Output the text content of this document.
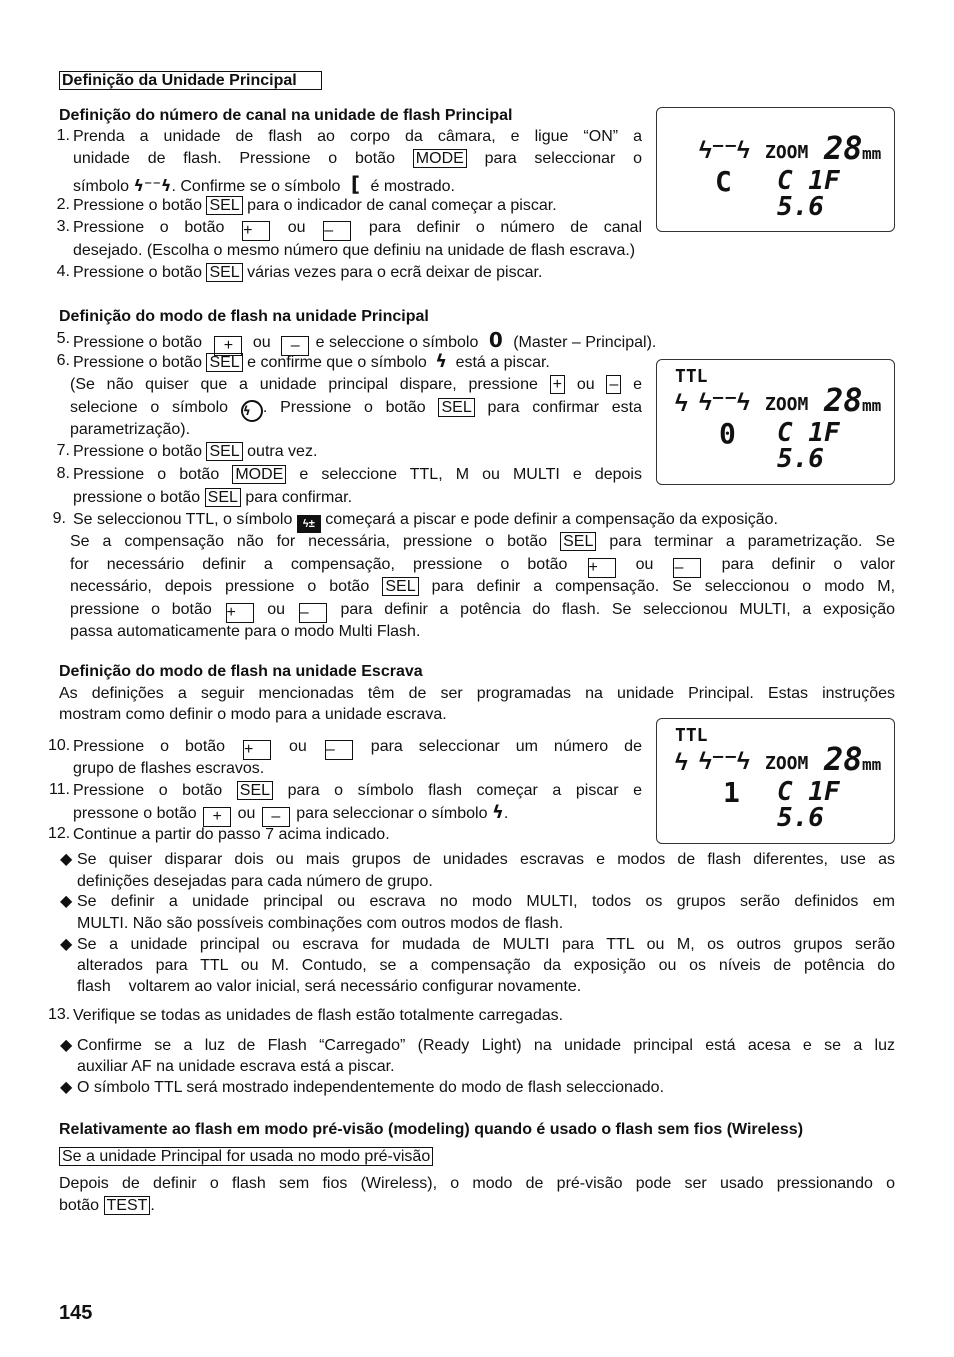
Definição da Unidade Principal
Definição do número de canal na unidade de flash Principal
1. Prenda a unidade de flash ao corpo da câmara, e ligue “ON” a
unidade de flash. Pressione o botão MODE para seleccionar o
símbolo ϟ⁻⁻ϟ. Confirme se o símbolo [ é mostrado.
2. Pressione o botão SEL para o indicador de canal começar a piscar.
3. Pressione o botão + ou – para definir o número de canal
desejado. (Escolha o mesmo número que definiu na unidade de flash escrava.)
4. Pressione o botão SEL várias vezes para o ecrã deixar de piscar.
ϟ⁻⁻ϟ ZOOM 28 mm
C C 1F 5.6
Definição do modo de flash na unidade Principal
5. Pressione o botão + ou – e seleccione o símbolo 0 (Master – Principal).
6. Pressione o botão SEL e confirme que o símbolo ϟ está a piscar.
(Se não quiser que a unidade principal dispare, pressione + ou – e
selecione o símbolo ϟ . Pressione o botão SEL para confirmar esta
parametrização).
7. Pressione o botão SEL outra vez.
8. Pressione o botão MODE e seleccione TTL, M ou MULTI e depois
pressione o botão SEL para confirmar.
TTL
ϟ ϟ⁻⁻ϟ ZOOM 28 mm
0 C 1F 5.6
9. Se seleccionou TTL, o símbolo ϟ± começará a piscar e pode definir a compensação da exposição.
Se a compensação não for necessária, pressione o botão SEL para terminar a parametrização. Se
for necessário definir a compensação, pressione o botão + ou – para definir o valor
necessário, depois pressione o botão SEL para definir a compensação. Se seleccionou o modo M,
pressione o botão + ou – para definir a potência do flash. Se seleccionou MULTI, a exposição
passa automaticamente para o modo Multi Flash.
Definição do modo de flash na unidade Escrava
As definições a seguir mencionadas têm de ser programadas na unidade Principal. Estas instruções
mostram como definir o modo para a unidade escrava.
10. Pressione o botão + ou – para seleccionar um número de
grupo de flashes escravos.
11. Pressione o botão SEL para o símbolo flash começar a piscar e
pressone o botão + ou – para seleccionar o símbolo ϟ.
12. Continue a partir do passo 7 acima indicado.
TTL
ϟ ϟ⁻⁻ϟ ZOOM 28 mm
1 C 1F 5.6
◆ Se quiser disparar dois ou mais grupos de unidades escravas e modos de flash diferentes, use as
definições desejadas para cada número de grupo.
◆ Se definir a unidade principal ou escrava no modo MULTI, todos os grupos serão definidos em
MULTI. Não são possíveis combinações com outros modos de flash.
◆ Se a unidade principal ou escrava for mudada de MULTI para TTL ou M, os outros grupos serão
alterados para TTL ou M. Contudo, se a compensação da exposição ou os níveis de potência do
flash    voltarem ao valor inicial, será necessário configurar novamente.
13. Verifique se todas as unidades de flash estão totalmente carregadas.
◆ Confirme se a luz de Flash “Carregado” (Ready Light) na unidade principal está acesa e se a luz
auxiliar AF na unidade escrava está a piscar.
◆ O símbolo TTL será mostrado independentemente do modo de flash seleccionado.
Relativamente ao flash em modo pré-visão (modeling) quando é usado o flash sem fios (Wireless)
Se a unidade Principal for usada no modo pré-visão
Depois de definir o flash sem fios (Wireless), o modo de pré-visão pode ser usado pressionando o
botão TEST .
145
